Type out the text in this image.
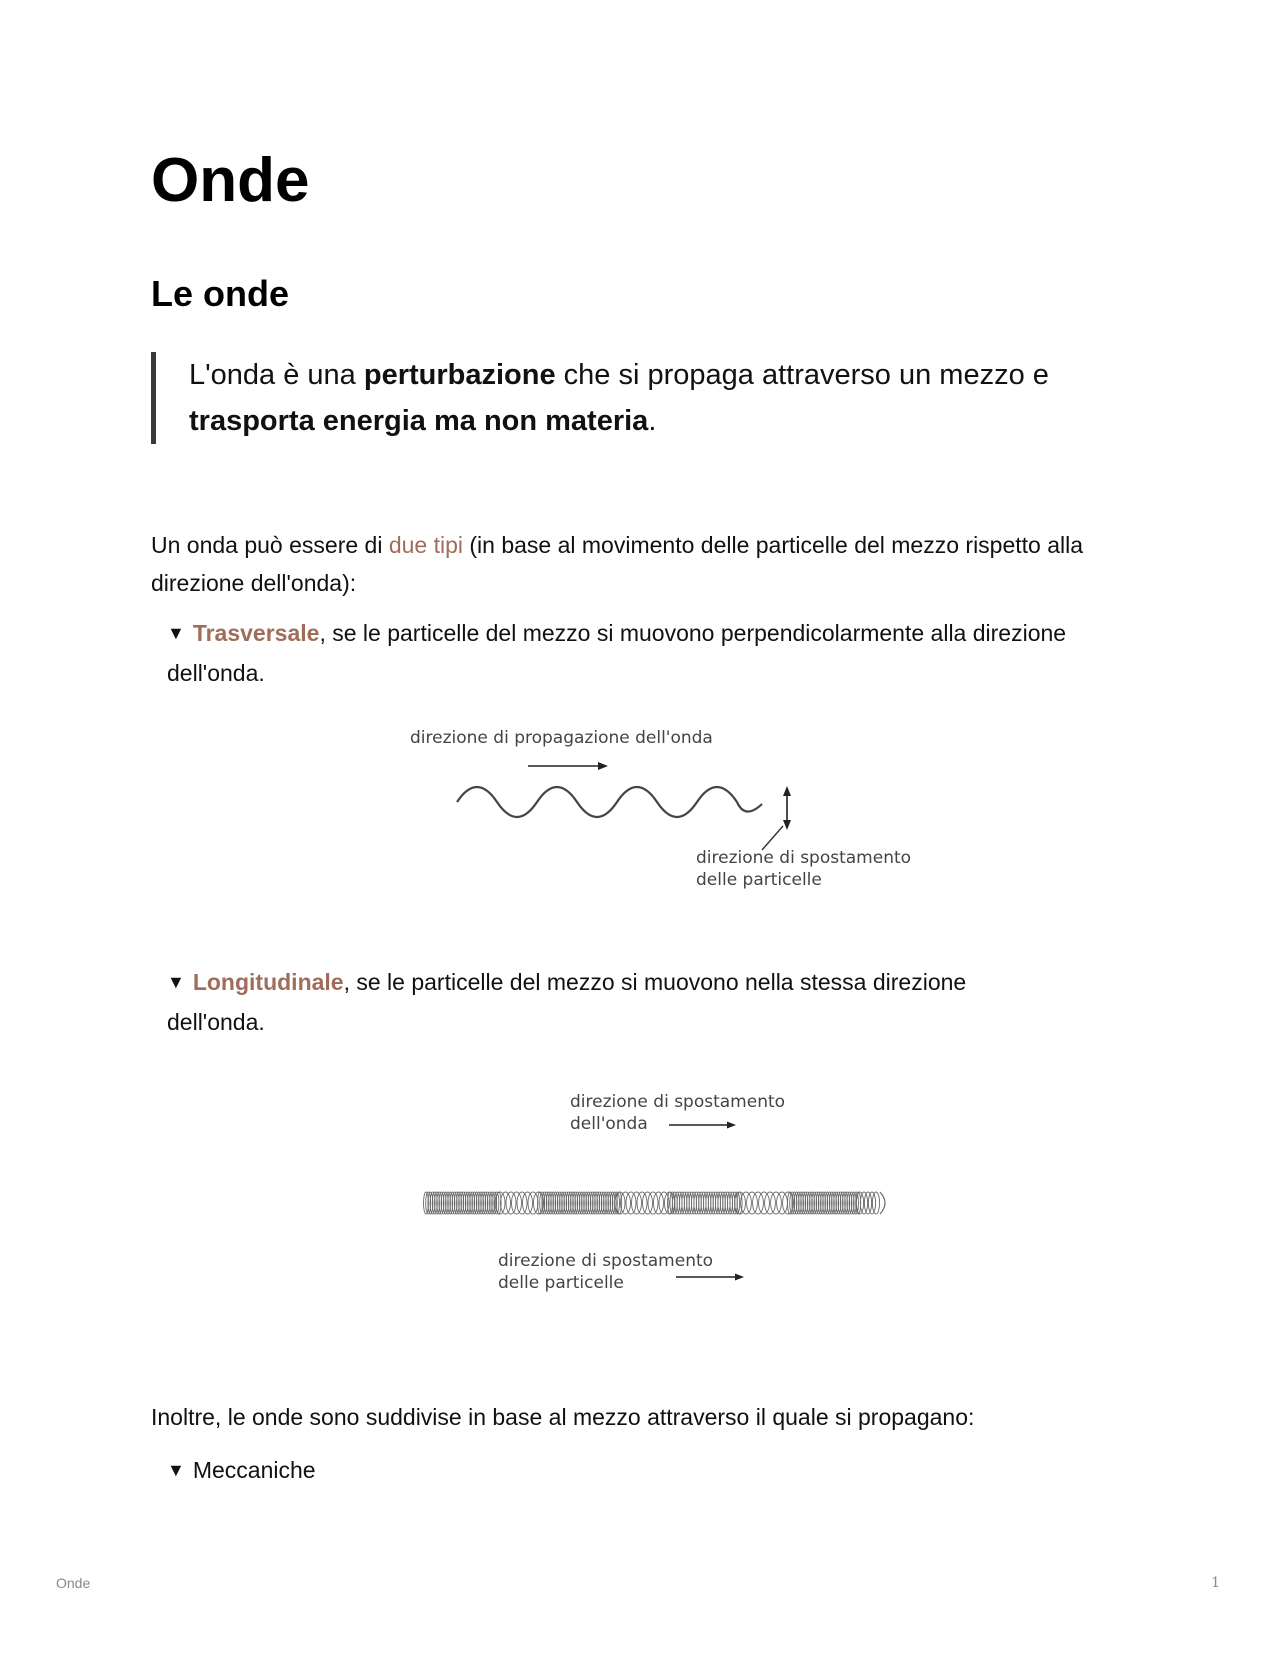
Onde
Le onde
L'onda è una perturbazione che si propaga attraverso un mezzo e trasporta energia ma non materia.
Un onda può essere di due tipi (in base al movimento delle particelle del mezzo rispetto alla direzione dell'onda):
▼ Trasversale, se le particelle del mezzo si muovono perpendicolarmente alla direzione dell'onda.
direzione di propagazione dell'onda
direzione di spostamento
delle particelle
▼ Longitudinale, se le particelle del mezzo si muovono nella stessa direzione dell'onda.
direzione di spostamento
dell'onda
direzione di spostamento
delle particelle
Inoltre, le onde sono suddivise in base al mezzo attraverso il quale si propagano:
▼ Meccaniche
Onde	1
